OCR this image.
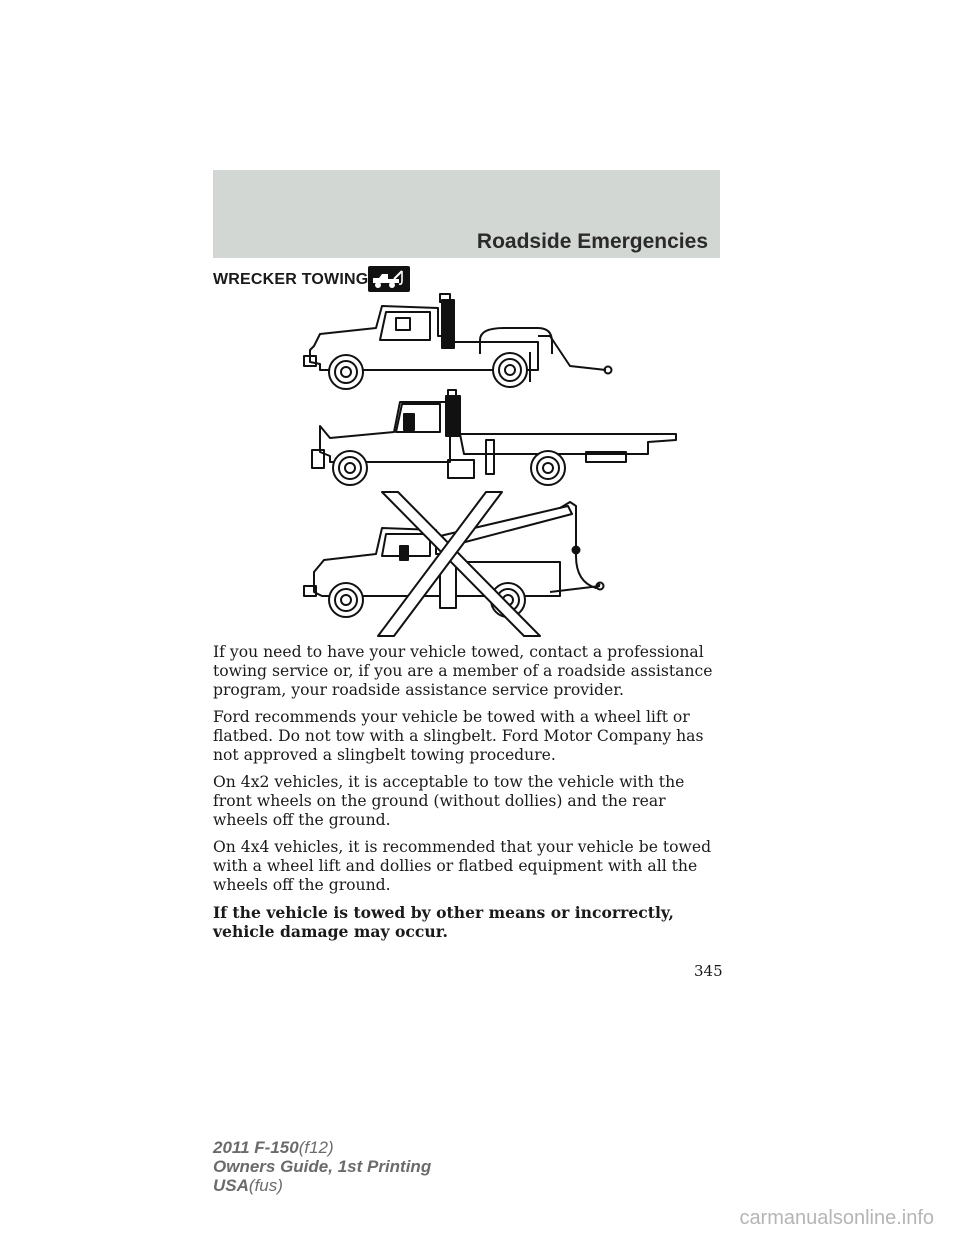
Roadside Emergencies
WRECKER TOWING

If you need to have your vehicle towed, contact a professional towing service or, if you are a member of a roadside assistance program, your roadside assistance service provider.

Ford recommends your vehicle be towed with a wheel lift or flatbed. Do not tow with a slingbelt. Ford Motor Company has not approved a slingbelt towing procedure.

On 4x2 vehicles, it is acceptable to tow the vehicle with the front wheels on the ground (without dollies) and the rear wheels off the ground.

On 4x4 vehicles, it is recommended that your vehicle be towed with a wheel lift and dollies or flatbed equipment with all the wheels off the ground.

If the vehicle is towed by other means or incorrectly, vehicle damage may occur.

345
2011 F-150(f12)
Owners Guide, 1st Printing
USA(fus)
carmanualsonline.info
